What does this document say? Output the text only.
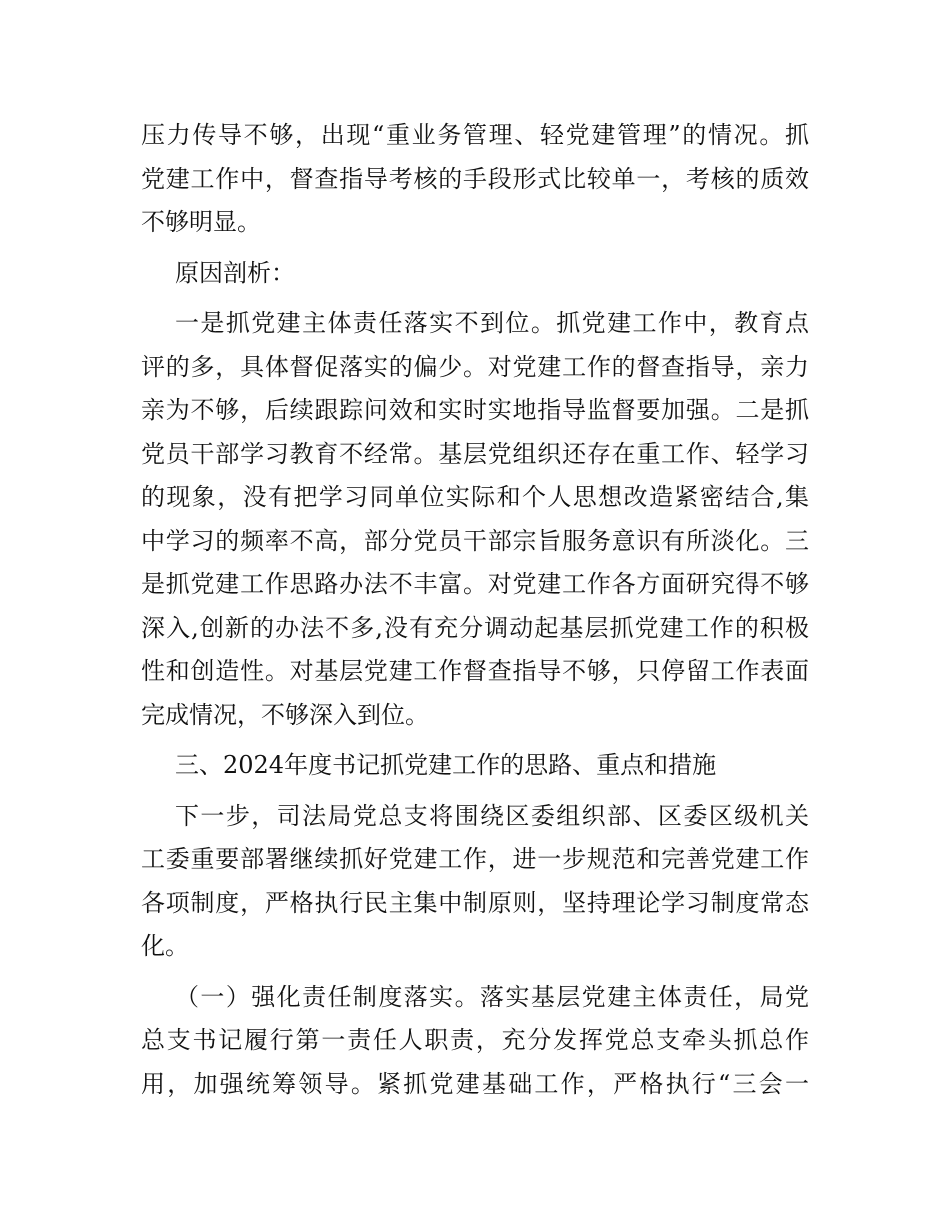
压力传导不够，出现“重业务管理、轻党建管理”的情况。抓
党建工作中，督查指导考核的手段形式比较单一，考核的质效
不够明显。
原因剖析：
一是抓党建主体责任落实不到位。抓党建工作中，教育点
评的多，具体督促落实的偏少。对党建工作的督查指导，亲力
亲为不够，后续跟踪问效和实时实地指导监督要加强。二是抓
党员干部学习教育不经常。基层党组织还存在重工作、轻学习
的现象，没有把学习同单位实际和个人思想改造紧密结合,集
中学习的频率不高，部分党员干部宗旨服务意识有所淡化。三
是抓党建工作思路办法不丰富。对党建工作各方面研究得不够
深入,创新的办法不多,没有充分调动起基层抓党建工作的积极
性和创造性。对基层党建工作督查指导不够，只停留工作表面
完成情况，不够深入到位。
三、2024年度书记抓党建工作的思路、重点和措施
下一步，司法局党总支将围绕区委组织部、区委区级机关
工委重要部署继续抓好党建工作，进一步规范和完善党建工作
各项制度，严格执行民主集中制原则，坚持理论学习制度常态
化。
（一）强化责任制度落实。落实基层党建主体责任，局党
总支书记履行第一责任人职责，充分发挥党总支牵头抓总作
用，加强统筹领导。紧抓党建基础工作，严格执行“三会一
